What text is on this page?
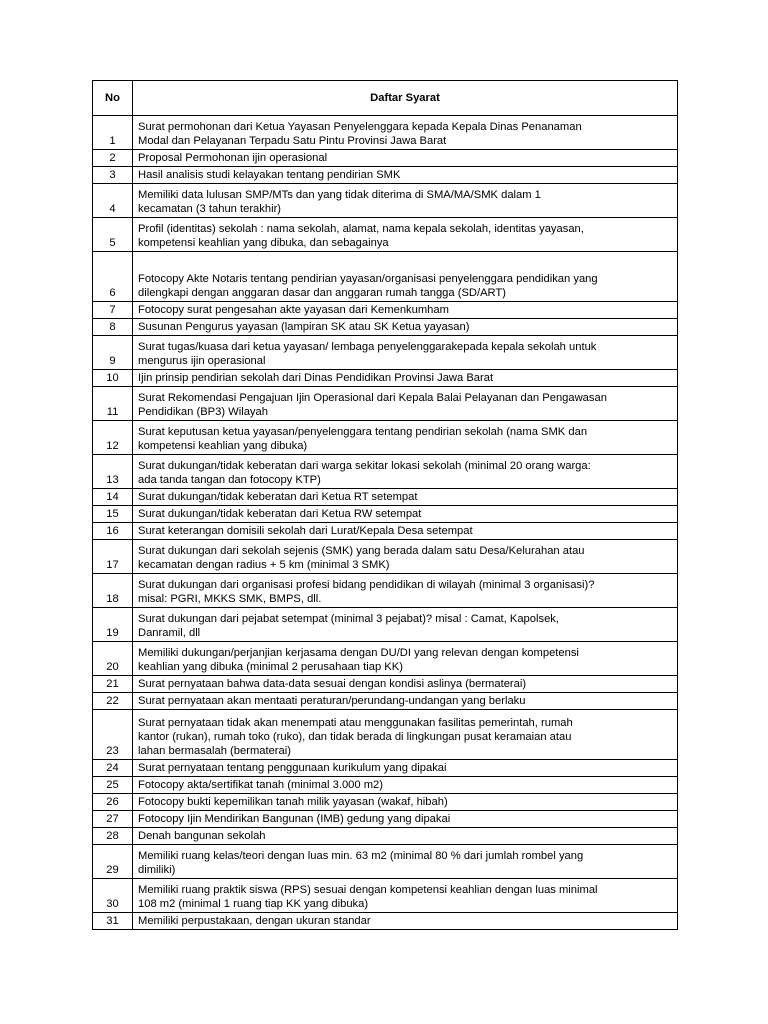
No	Daftar Syarat
1	Surat permohonan dari Ketua Yayasan Penyelenggara kepada Kepala Dinas Penanaman
Modal dan Pelayanan Terpadu Satu Pintu Provinsi Jawa Barat
2	Proposal Permohonan ijin operasional
3	Hasil analisis studi kelayakan tentang pendirian SMK
4	Memiliki data lulusan SMP/MTs dan yang tidak diterima di SMA/MA/SMK dalam 1
kecamatan (3 tahun terakhir)
5	Profil (identitas) sekolah : nama sekolah, alamat, nama kepala sekolah, identitas yayasan,
kompetensi keahlian yang dibuka, dan sebagainya
6	Fotocopy Akte Notaris tentang pendirian yayasan/organisasi penyelenggara pendidikan yang
dilengkapi dengan anggaran dasar dan anggaran rumah tangga (SD/ART)
7	Fotocopy surat pengesahan akte yayasan dari Kemenkumham
8	Susunan Pengurus yayasan (lampiran SK atau SK Ketua yayasan)
9	Surat tugas/kuasa dari ketua yayasan/ lembaga penyelenggarakepada kepala sekolah untuk
mengurus ijin operasional
10	Ijin prinsip pendirian sekolah dari Dinas Pendidikan Provinsi Jawa Barat
11	Surat Rekomendasi Pengajuan Ijin Operasional dari Kepala Balai Pelayanan dan Pengawasan
Pendidikan (BP3) Wilayah
12	Surat keputusan ketua yayasan/penyelenggara tentang pendirian sekolah (nama SMK dan
kompetensi keahlian yang dibuka)
13	Surat dukungan/tidak keberatan dari warga sekitar lokasi sekolah (minimal 20 orang warga:
ada tanda tangan dan fotocopy KTP)
14	Surat dukungan/tidak keberatan dari Ketua RT setempat
15	Surat dukungan/tidak keberatan dari Ketua RW setempat
16	Surat keterangan domisili sekolah dari Lurat/Kepala Desa setempat
17	Surat dukungan dari sekolah sejenis (SMK) yang berada dalam satu Desa/Kelurahan atau
kecamatan dengan radius + 5 km (minimal 3 SMK)
18	Surat dukungan dari organisasi profesi bidang pendidikan di wilayah (minimal 3 organisasi)?
misal: PGRI, MKKS SMK, BMPS, dll.
19	Surat dukungan dari pejabat setempat (minimal 3 pejabat)? misal : Camat, Kapolsek,
Danramil, dll
20	Memiliki dukungan/perjanjian kerjasama dengan DU/DI yang relevan dengan kompetensi
keahlian yang dibuka (minimal 2 perusahaan tiap KK)
21	Surat pernyataan bahwa data-data sesuai dengan kondisi aslinya (bermaterai)
22	Surat pernyataan akan mentaati peraturan/perundang-undangan yang berlaku
23	Surat pernyataan tidak akan menempati atau menggunakan fasilitas pemerintah, rumah
kantor (rukan), rumah toko (ruko), dan tidak berada di lingkungan pusat keramaian atau
lahan bermasalah (bermaterai)
24	Surat pernyataan tentang penggunaan kurikulum yang dipakai
25	Fotocopy akta/sertifikat tanah (minimal 3.000 m2)
26	Fotocopy bukti kepemilikan tanah milik yayasan (wakaf, hibah)
27	Fotocopy Ijin Mendirikan Bangunan (IMB) gedung yang dipakai
28	Denah bangunan sekolah
29	Memiliki ruang kelas/teori dengan luas min. 63 m2 (minimal 80 % dari jumlah rombel yang
dimiliki)
30	Memiliki ruang praktik siswa (RPS) sesuai dengan kompetensi keahlian dengan luas minimal
108 m2 (minimal 1 ruang tiap KK yang dibuka)
31	Memiliki perpustakaan, dengan ukuran standar
